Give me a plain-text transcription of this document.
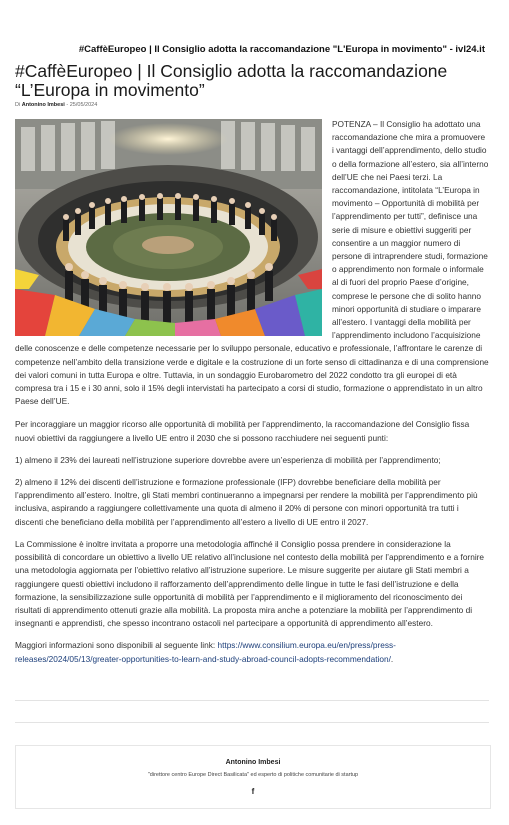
#CaffèEuropeo | Il Consiglio adotta la raccomandazione "L'Europa in movimento" - ivl24.it
#CaffèEuropeo | Il Consiglio adotta la raccomandazione “L’Europa in movimento”
Di Antonino Imbesi - 25/05/2024

POTENZA – Il Consiglio ha adottato una raccomandazione che mira a promuovere i vantaggi dell’apprendimento, dello studio o della formazione all’estero, sia all’interno dell’UE che nei Paesi terzi. La raccomandazione, intitolata “L’Europa in movimento – Opportunità di mobilità per l’apprendimento per tutti”, definisce una serie di misure e obiettivi suggeriti per consentire a un maggior numero di persone di intraprendere studi, formazione o apprendimento non formale o informale al di fuori del proprio Paese d’origine, comprese le persone che di solito hanno minori opportunità di studiare o imparare all’estero. I vantaggi della mobilità per l’apprendimento includono l’acquisizione delle conoscenze e delle competenze necessarie per lo sviluppo personale, educativo e professionale, l’affrontare le carenze di competenze nell’ambito della transizione verde e digitale e la costruzione di un forte senso di cittadinanza e di una comprensione dei valori comuni in tutta Europa e oltre. Tuttavia, in un sondaggio Eurobarometro del 2022 condotto tra gli europei di età compresa tra i 15 e i 30 anni, solo il 15% degli intervistati ha partecipato a corsi di studio, formazione o apprendistato in un altro Paese dell’UE.

Per incoraggiare un maggior ricorso alle opportunità di mobilità per l’apprendimento, la raccomandazione del Consiglio fissa nuovi obiettivi da raggiungere a livello UE entro il 2030 che si possono racchiudere nei seguenti punti:

1) almeno il 23% dei laureati nell’istruzione superiore dovrebbe avere un’esperienza di mobilità per l’apprendimento;

2) almeno il 12% dei discenti dell’istruzione e formazione professionale (IFP) dovrebbe beneficiare della mobilità per l’apprendimento all’estero. Inoltre, gli Stati membri continueranno a impegnarsi per rendere la mobilità per l’apprendimento più inclusiva, aspirando a raggiungere collettivamente una quota di almeno il 20% di persone con minori opportunità tra tutti i discenti che beneficiano della mobilità per l’apprendimento all’estero a livello di UE entro il 2027.

La Commissione è inoltre invitata a proporre una metodologia affinché il Consiglio possa prendere in considerazione la possibilità di concordare un obiettivo a livello UE relativo all’inclusione nel contesto della mobilità per l’apprendimento e a fornire una metodologia aggiornata per l’obiettivo relativo all’istruzione superiore. Le misure suggerite per aiutare gli Stati membri a raggiungere questi obiettivi includono il rafforzamento dell’apprendimento delle lingue in tutte le fasi dell’istruzione e della formazione, la sensibilizzazione sulle opportunità di mobilità per l’apprendimento e il miglioramento del riconoscimento dei risultati di apprendimento ottenuti grazie alla mobilità. La proposta mira anche a potenziare la mobilità per l’apprendimento di insegnanti e apprendisti, che spesso incontrano ostacoli nel partecipare a opportunità di apprendimento all’estero.

Maggiori informazioni sono disponibili al seguente link: https://www.consilium.europa.eu/en/press/press-releases/2024/05/13/greater-opportunities-to-learn-and-study-abroad-council-adopts-recommendation/.

Antonino Imbesi
"direttore centro Europe Direct Basilicata" ed esperto di politiche comunitarie di startup
f
